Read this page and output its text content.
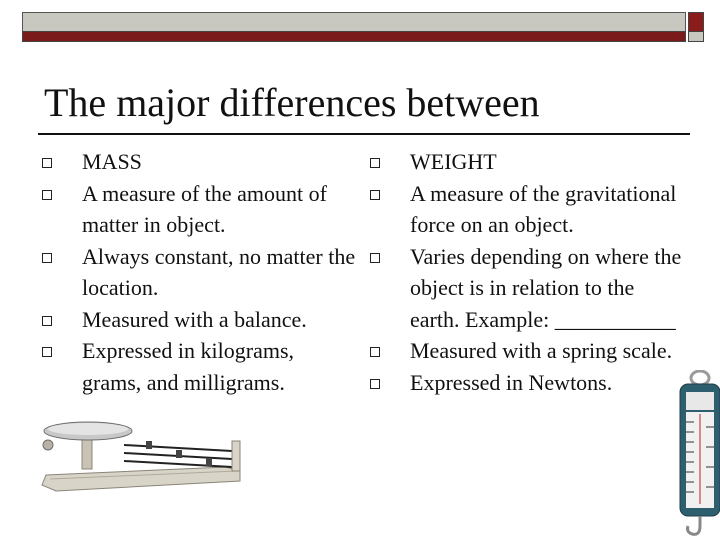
The major differences between
MASS
A measure of the amount of matter in object.
Always constant, no matter the location.
Measured with a balance.
Expressed in kilograms, grams, and milligrams.
WEIGHT
A measure of the gravitational force on an object.
Varies depending on where the object is in relation to the earth. Example: ___________
Measured with a spring scale.
Expressed in Newtons.
